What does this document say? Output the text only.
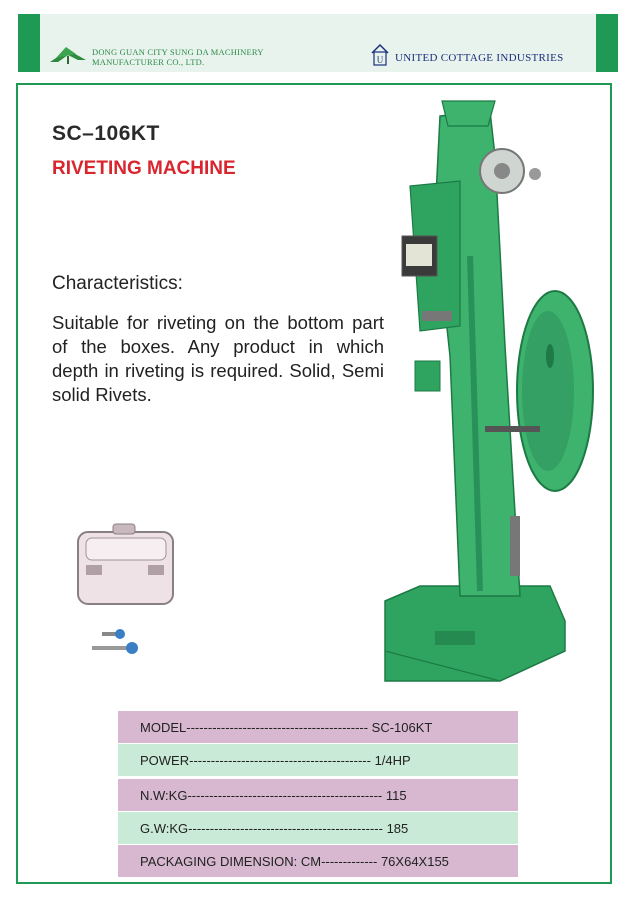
DONG GUAN CITY SUNG DA MACHINERY
MANUFACTURER CO., LTD.	U UNITED COTTAGE INDUSTRIES
SC–106KT
RIVETING MACHINE
Characteristics:
Suitable for riveting on the bottom part of the boxes. Any product in which depth in riveting is required. Solid, Semi solid Rivets.
MODEL ------------------------------------------ SC-106KT
POWER ------------------------------------------ 1/4HP
N.W:KG --------------------------------------------- 115
G.W:KG --------------------------------------------- 185
PACKAGING DIMENSION: CM ------------- 76X64X155
